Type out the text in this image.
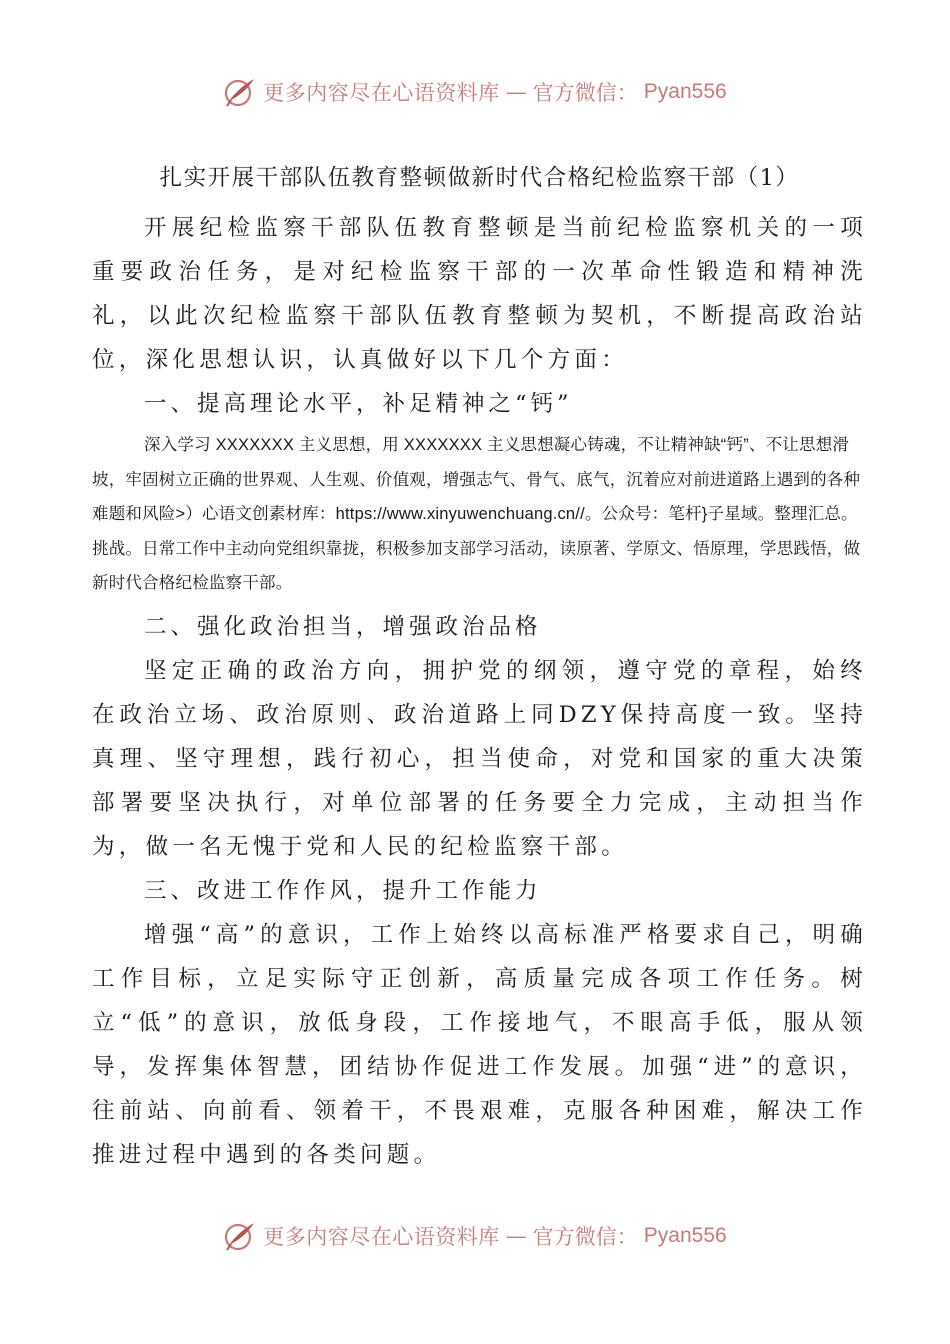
更多内容尽在心语资料库 — 官方微信： Pyan556

扎实开展干部队伍教育整顿做新时代合格纪检监察干部（1）

开展纪检监察干部队伍教育整顿是当前纪检监察机关的一项重要政治任务，是对纪检监察干部的一次革命性锻造和精神洗礼，以此次纪检监察干部队伍教育整顿为契机，不断提高政治站位，深化思想认识，认真做好以下几个方面：

一、提高理论水平，补足精神之“钙”

深入学习 XXXXXXX 主义思想，用 XXXXXXX 主义思想凝心铸魂，不让精神缺“钙”、不让思想滑坡，牢固树立正确的世界观、人生观、价值观，增强志气、骨气、底气，沉着应对前进道路上遇到的各种难题和风险>）心语文创素材库：https://www.xinyuwenchuang.cn//。公众号：笔杆}子星域。整理汇总。挑战。日常工作中主动向党组织靠拢，积极参加支部学习活动，读原著、学原文、悟原理，学思践悟，做新时代合格纪检监察干部。

二、强化政治担当，增强政治品格

坚定正确的政治方向，拥护党的纲领，遵守党的章程，始终在政治立场、政治原则、政治道路上同DZY保持高度一致。坚持真理、坚守理想，践行初心，担当使命，对党和国家的重大决策部署要坚决执行，对单位部署的任务要全力完成，主动担当作为，做一名无愧于党和人民的纪检监察干部。

三、改进工作作风，提升工作能力

增强“高”的意识，工作上始终以高标准严格要求自己，明确工作目标，立足实际守正创新，高质量完成各项工作任务。树立“低”的意识，放低身段，工作接地气，不眼高手低，服从领导，发挥集体智慧，团结协作促进工作发展。加强“进”的意识，往前站、向前看、领着干，不畏艰难，克服各种困难，解决工作推进过程中遇到的各类问题。

更多内容尽在心语资料库 — 官方微信： Pyan556
